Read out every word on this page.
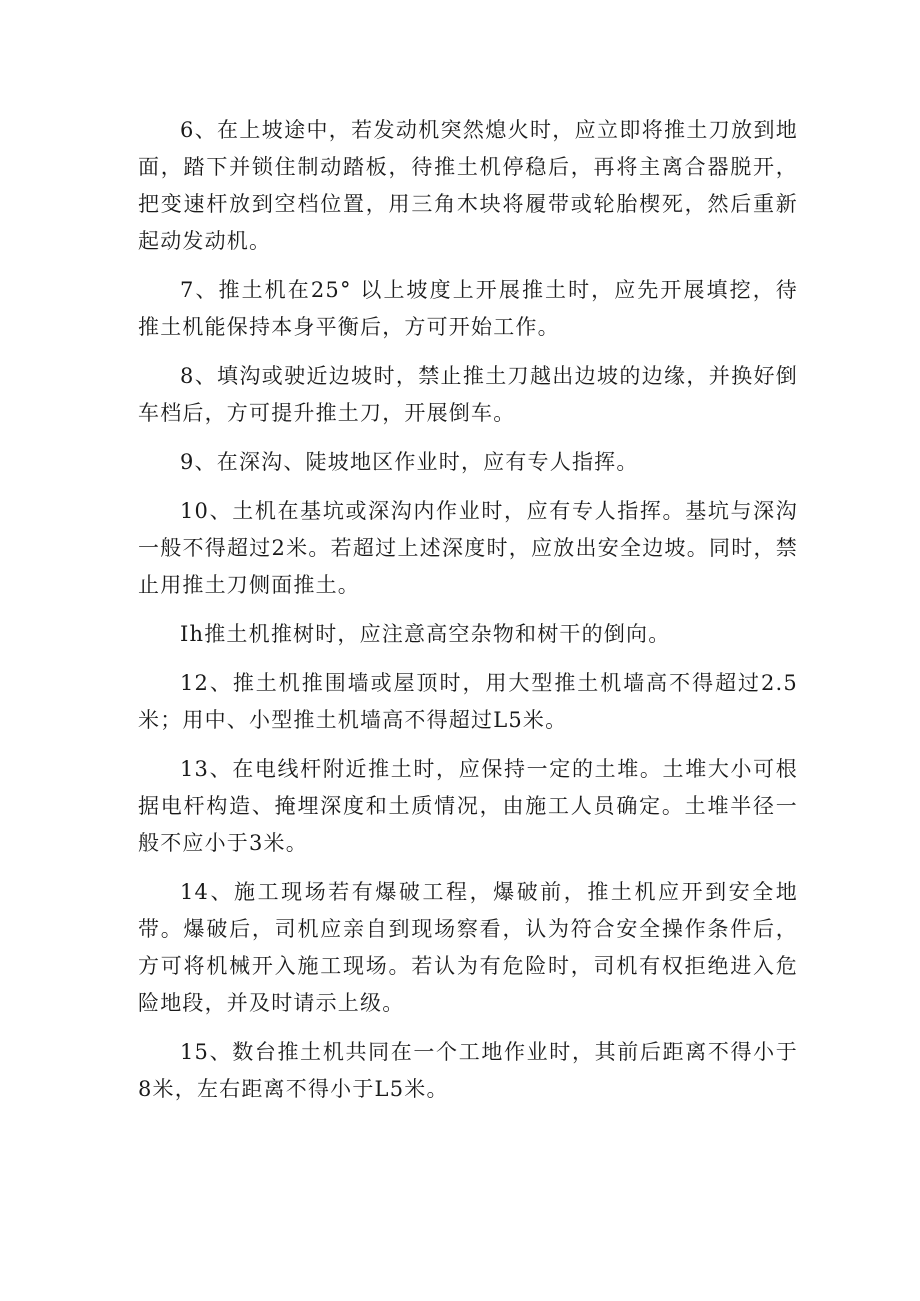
6、在上坡途中，若发动机突然熄火时，应立即将推土刀放到地面，踏下并锁住制动踏板，待推土机停稳后，再将主离合器脱开，把变速杆放到空档位置，用三角木块将履带或轮胎楔死，然后重新起动发动机。

7、推土机在25° 以上坡度上开展推土时，应先开展填挖，待推土机能保持本身平衡后，方可开始工作。

8、填沟或驶近边坡时，禁止推土刀越出边坡的边缘，并换好倒车档后，方可提升推土刀，开展倒车。

9、在深沟、陡坡地区作业时，应有专人指挥。

10、土机在基坑或深沟内作业时，应有专人指挥。基坑与深沟一般不得超过2米。若超过上述深度时，应放出安全边坡。同时，禁止用推土刀侧面推土。

Ih推土机推树时，应注意高空杂物和树干的倒向。

12、推土机推围墙或屋顶时，用大型推土机墙高不得超过2.5米；用中、小型推土机墙高不得超过L5米。

13、在电线杆附近推土时，应保持一定的土堆。土堆大小可根据电杆构造、掩埋深度和土质情况，由施工人员确定。土堆半径一般不应小于3米。

14、施工现场若有爆破工程，爆破前，推土机应开到安全地带。爆破后，司机应亲自到现场察看，认为符合安全操作条件后，方可将机械开入施工现场。若认为有危险时，司机有权拒绝进入危险地段，并及时请示上级。

15、数台推土机共同在一个工地作业时，其前后距离不得小于8米，左右距离不得小于L5米。
